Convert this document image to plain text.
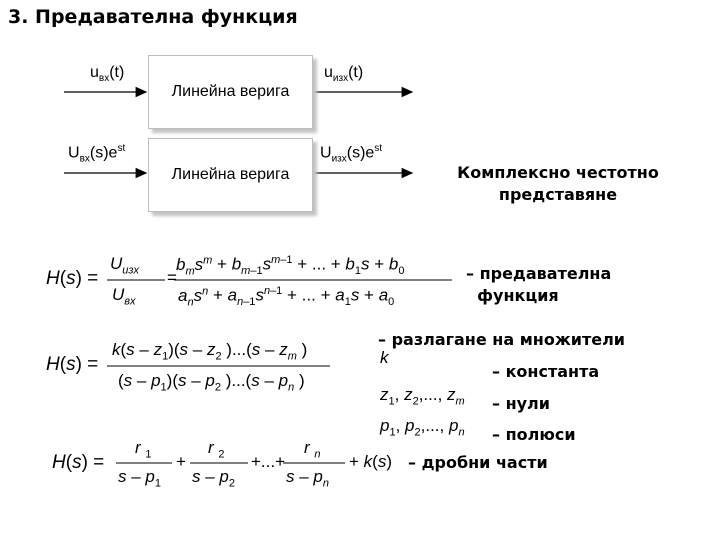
3. Предавателна функция
$u_{вх}(t)$
Линейна верига
$u_{изх}(t)$
$U_{вх}(s)e^{st}$
Линейна верига
$U_{изх}(s)e^{st}$
Комплексно честотно
представяне
H(s) =
$U_{изх}$
$U_{вх}$
=
$b_ms^m + b_{m-1}s^{m-1}$ + ... + $b_1s + b_0$
$a_ns^n + a_{n-1}s^{n-1}$ + ... + $a_1s + a_0$
– предавателна
функция
H(s) =
$k(s - z_1)(s - z_2$ )$...(s - z_m$ )
$(s - p_1)(s - p_2$ )$...(s - p_n$ )
– разлагане на множители
k
– константа
$z_1$, $z_2$,..., $z_m$ – нули
$p_1$, $p_2$,..., $p_n$ – полюси
H(s) =
r $_1$
s – $p_1$
+
r $_2$
s – $p_2$
+...+
r $_n$
s – $p_n$
+ k(s) – дробни части
